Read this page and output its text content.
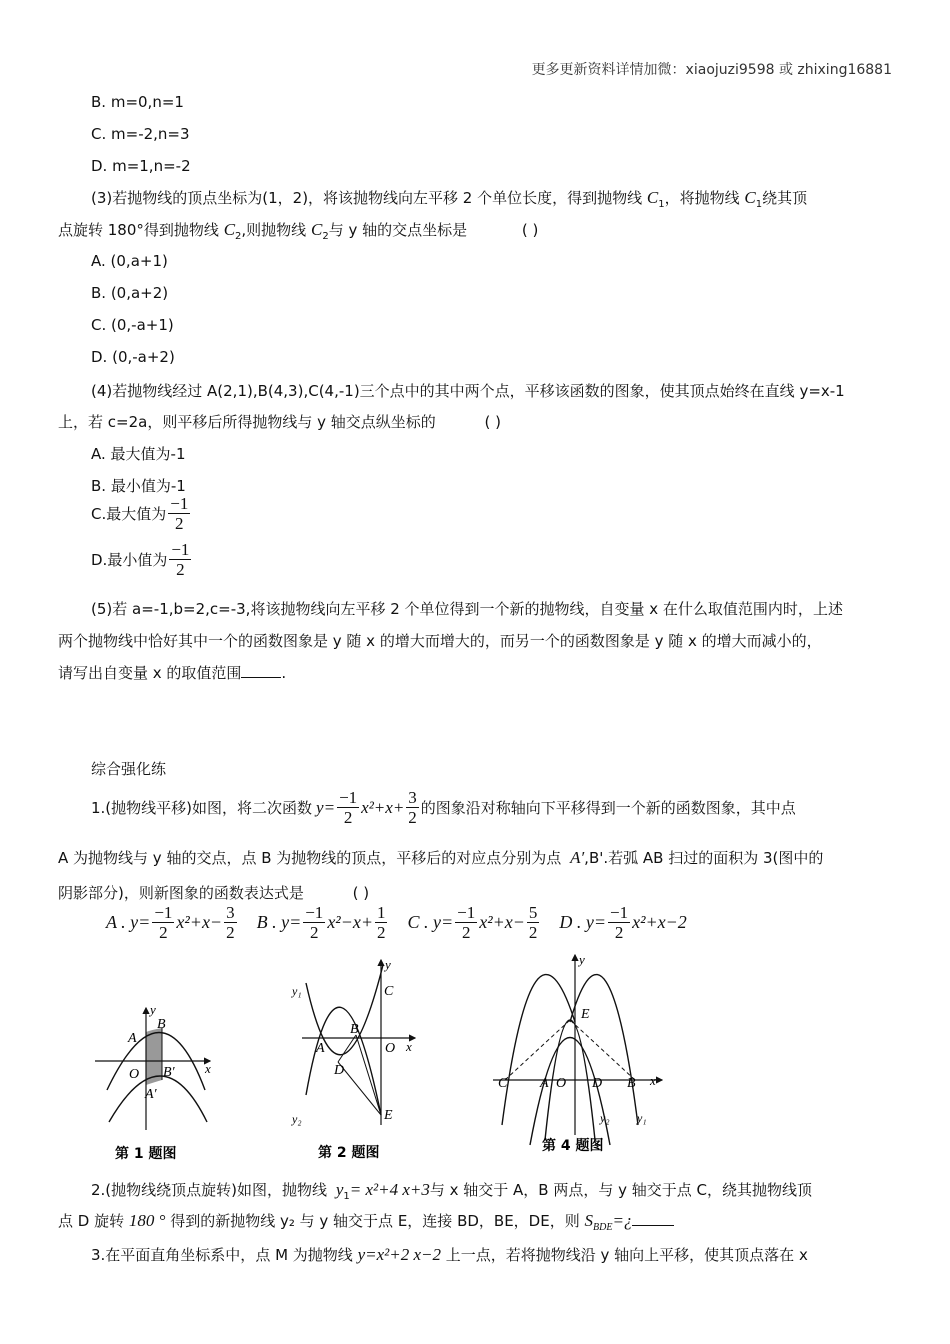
更多更新资料详情加微：xiaojuzi9598 或 zhixing16881
B. m=0,n=1
C. m=-2,n=3
D. m=1,n=-2
(3)若抛物线的顶点坐标为(1，2)，将该抛物线向左平移 2 个单位长度，得到抛物线 $C_1$，将抛物线 $C_1$绕其顶
点旋转 180°得到抛物线 $C_2$,则抛物线 $C_2$与 y 轴的交点坐标是	( )
A. (0,a+1)
B. (0,a+2)
C. (0,-a+1)
D. (0,-a+2)
(4)若抛物线经过 A(2,1),B(4,3),C(4,-1)三个点中的其中两个点，平移该函数的图象，使其顶点始终在直线 y=x-1
上，若 c=2a，则平移后所得抛物线与 y 轴交点纵坐标的	( )
A. 最大值为-1
B. 最小值为-1
C.最大值为 $\frac{-1}{2}$
D.最小值为 $\frac{-1}{2}$
(5)若 a=-1,b=2,c=-3,将该抛物线向左平移 2 个单位得到一个新的抛物线，自变量 x 在什么取值范围内时，上述
两个抛物线中恰好其中一个的函数图象是 y 随 x 的增大而增大的，而另一个的函数图象是 y 随 x 的增大而减小的，
请写出自变量 x 的取值范围	.
综合强化练
1.(抛物线平移)如图，将二次函数 $y= \frac{-1}{2} x^2+x+ \frac{3}{2}$ 的图象沿对称轴向下平移得到一个新的函数图象，其中点
A 为抛物线与 y 轴的交点，点 B 为抛物线的顶点，平移后的对应点分别为点 A′,B'.若弧 AB 扫过的面积为 3(图中的
阴影部分)，则新图象的函数表达式是	( )
A . $y= \frac{-1}{2} x^2+x- \frac{3}{2}$ B . $y= \frac{-1}{2} x^2-x+ \frac{1}{2}$ C . $y= \frac{-1}{2} x^2+x- \frac{5}{2}$ D . $y= \frac{-1}{2} x^2+x-2$
y
x
A
B
O B′
A′
第 1 题图
y
x
y₁
y₂
C
A
B
O
D
E
第 2 题图
y
x
E
C A O D B
y₁
y₂
第 4 题图
2.(抛物线绕顶点旋转)如图，抛物线 $y_1= x^2+4$ x+3与 x 轴交于 A，B 两点，与 y 轴交于点 C，绕其抛物线顶
点 D 旋转 180 ° 得到的新抛物线 y₂ 与 y 轴交于点 E，连接 BD，BE，DE，则 $S_{BDE}=¿$
3.在平面直角坐标系中，点 M 为抛物线 y=x²+2 x−2 上一点，若将抛物线沿 y 轴向上平移，使其顶点落在 x
